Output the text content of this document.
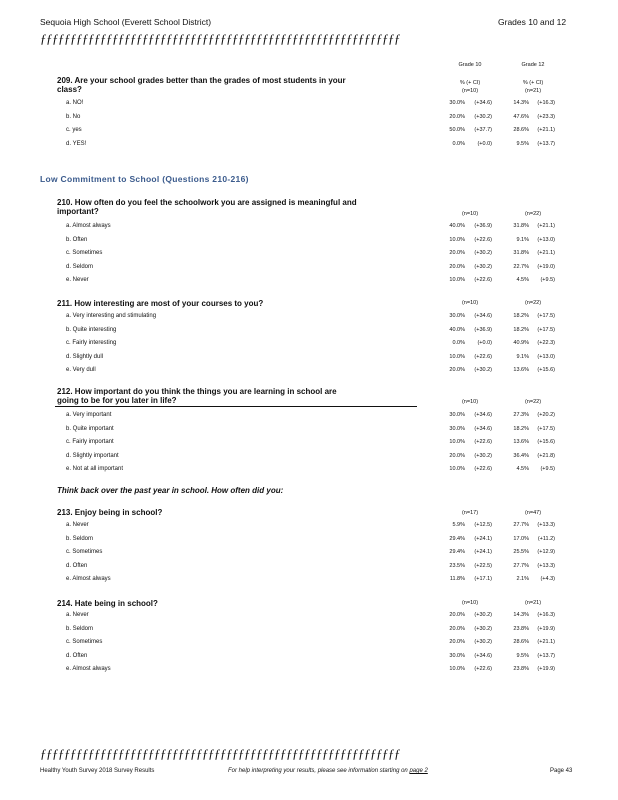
Sequoia High School (Everett School District)	Grades 10 and 12
ƒƒƒƒƒƒƒƒƒƒƒƒƒƒƒƒƒƒƒƒƒƒƒƒƒƒƒƒƒƒƒƒƒƒƒƒƒƒƒƒƒƒƒƒƒƒƒƒƒƒƒƒƒƒƒƒƒƒƒƒ
Grade 10	Grade 12
% (+ CI)	% (+ CI)
209. Are your school grades better than the grades of most students in your class?	(n=10)	(n=21)
a. NO!	30.0%	(+34.6)	14.3%	(+16.3)
b. No	20.0%	(+30.2)	47.6%	(+23.3)
c. yes	50.0%	(+37.7)	28.6%	(+21.1)
d. YES!	0.0%	(+0.0)	9.5%	(+13.7)
210. How often do you feel the schoolwork you are assigned is meaningful and important?	(n=10)	(n=22)
a. Almost always	40.0%	(+36.9)	31.8%	(+21.1)
b. Often	10.0%	(+22.6)	9.1%	(+13.0)
c. Sometimes	20.0%	(+30.2)	31.8%	(+21.1)
d. Seldom	20.0%	(+30.2)	22.7%	(+19.0)
e. Never	10.0%	(+22.6)	4.5%	(+9.5)
211. How interesting are most of your courses to you?	(n=10)	(n=22)
a. Very interesting and stimulating	30.0%	(+34.6)	18.2%	(+17.5)
b. Quite interesting	40.0%	(+36.9)	18.2%	(+17.5)
c. Fairly interesting	0.0%	(+0.0)	40.9%	(+22.3)
d. Slightly dull	10.0%	(+22.6)	9.1%	(+13.0)
e. Very dull	20.0%	(+30.2)	13.6%	(+15.6)
212. How important do you think the things you are learning in school are going to be for you later in life?	(n=10)	(n=22)
a. Very important	30.0%	(+34.6)	27.3%	(+20.2)
b. Quite important	30.0%	(+34.6)	18.2%	(+17.5)
c. Fairly important	10.0%	(+22.6)	13.6%	(+15.6)
d. Slightly important	20.0%	(+30.2)	36.4%	(+21.8)
e. Not at all important	10.0%	(+22.6)	4.5%	(+9.5)
213. Enjoy being in school?	(n=17)	(n=47)
a. Never	5.9%	(+12.5)	27.7%	(+13.3)
b. Seldom	29.4%	(+24.1)	17.0%	(+11.2)
c. Sometimes	29.4%	(+24.1)	25.5%	(+12.9)
d. Often	23.5%	(+22.5)	27.7%	(+13.3)
e. Almost always	11.8%	(+17.1)	2.1%	(+4.3)
214. Hate being in school?	(n=10)	(n=21)
a. Never	20.0%	(+30.2)	14.3%	(+16.3)
b. Seldom	20.0%	(+30.2)	23.8%	(+19.9)
c. Sometimes	20.0%	(+30.2)	28.6%	(+21.1)
d. Often	30.0%	(+34.6)	9.5%	(+13.7)
e. Almost always	10.0%	(+22.6)	23.8%	(+19.9)
Low Commitment to School (Questions 210-216)
Think back over the past year in school. How often did you:
ƒƒƒƒƒƒƒƒƒƒƒƒƒƒƒƒƒƒƒƒƒƒƒƒƒƒƒƒƒƒƒƒƒƒƒƒƒƒƒƒƒƒƒƒƒƒƒƒƒƒƒƒƒƒƒƒƒƒƒƒ
Healthy Youth Survey 2018 Survey Results	For help interpreting your results, please see information starting on page 2	Page 43
